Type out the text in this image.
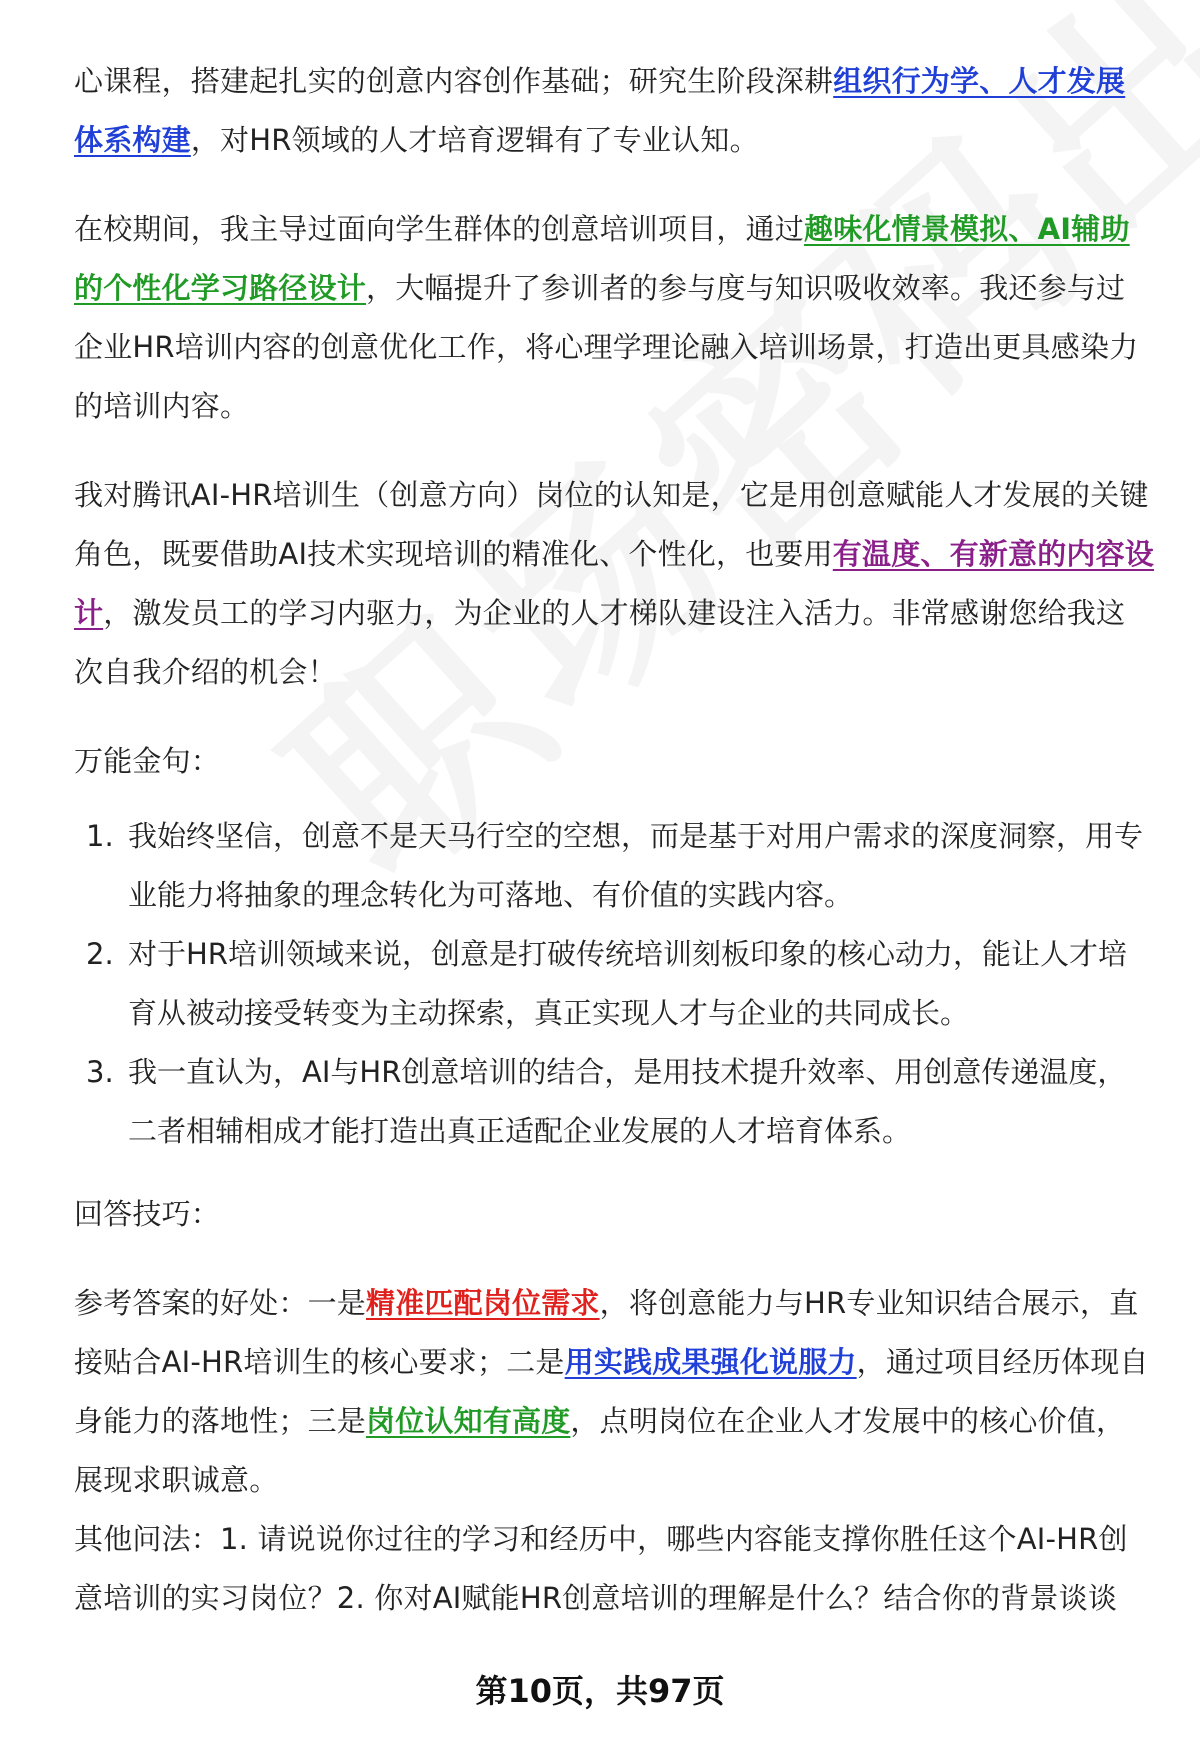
心课程，搭建起扎实的创意内容创作基础；研究生阶段深耕组织行为学、人才发展体系构建，对HR领域的人才培育逻辑有了专业认知。

在校期间，我主导过面向学生群体的创意培训项目，通过趣味化情景模拟、AI辅助的个性化学习路径设计，大幅提升了参训者的参与度与知识吸收效率。我还参与过企业HR培训内容的创意优化工作，将心理学理论融入培训场景，打造出更具感染力的培训内容。

我对腾讯AI-HR培训生（创意方向）岗位的认知是，它是用创意赋能人才发展的关键角色，既要借助AI技术实现培训的精准化、个性化，也要用有温度、有新意的内容设计，激发员工的学习内驱力，为企业的人才梯队建设注入活力。非常感谢您给我这次自我介绍的机会！

万能金句：

1. 我始终坚信，创意不是天马行空的空想，而是基于对用户需求的深度洞察，用专业能力将抽象的理念转化为可落地、有价值的实践内容。
2. 对于HR培训领域来说，创意是打破传统培训刻板印象的核心动力，能让人才培育从被动接受转变为主动探索，真正实现人才与企业的共同成长。
3. 我一直认为，AI与HR创意培训的结合，是用技术提升效率、用创意传递温度，二者相辅相成才能打造出真正适配企业发展的人才培育体系。

回答技巧：

参考答案的好处：一是精准匹配岗位需求，将创意能力与HR专业知识结合展示，直接贴合AI-HR培训生的核心要求；二是用实践成果强化说服力，通过项目经历体现自身能力的落地性；三是岗位认知有高度，点明岗位在企业人才发展中的核心价值，展现求职诚意。

其他问法：1. 请说说你过往的学习和经历中，哪些内容能支撑你胜任这个AI-HR创意培训的实习岗位？2. 你对AI赋能HR创意培训的理解是什么？结合你的背景谈谈

第10页，共97页
